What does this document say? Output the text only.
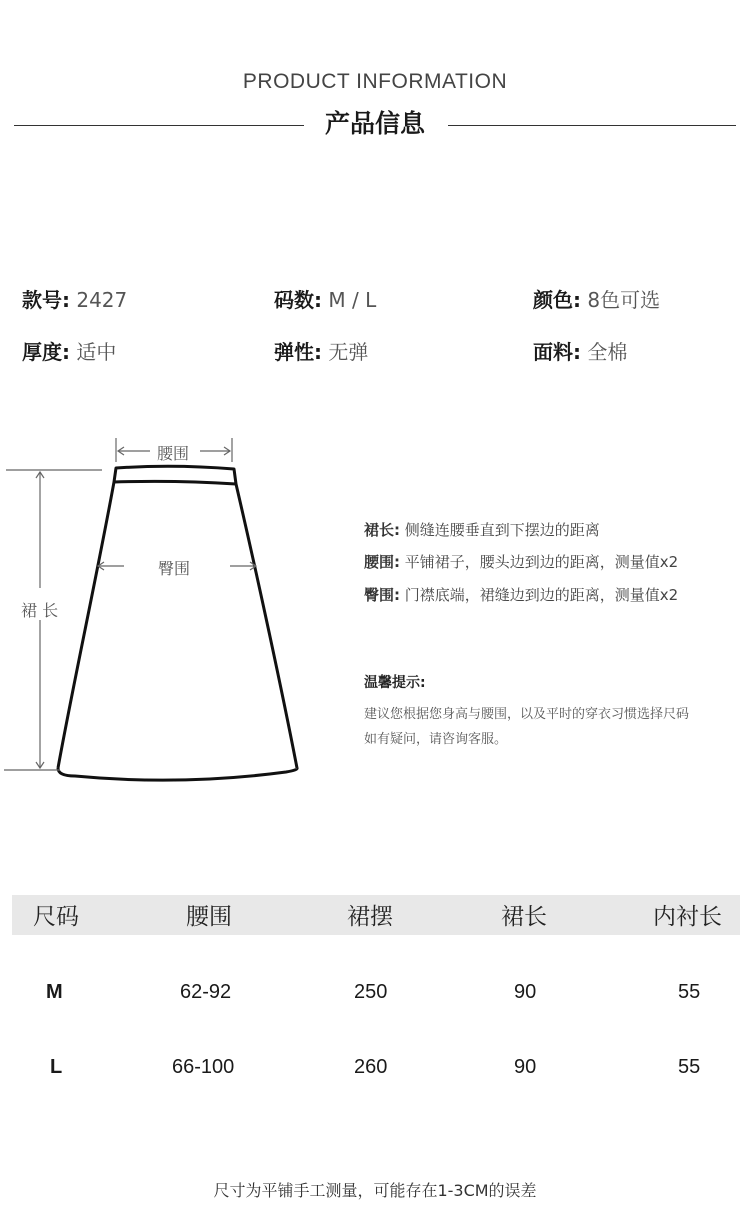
PRODUCT INFORMATION
产品信息
款号: 2427	码数: M / L	颜色: 8色可选
厚度: 适中	弹性: 无弹	面料: 全棉
腰围
臀围
裙 长
裙长: 侧缝连腰垂直到下摆边的距离
腰围: 平铺裙子，腰头边到边的距离，测量值x2
臀围: 门襟底端，裙缝边到边的距离，测量值x2
温馨提示:
建议您根据您身高与腰围，以及平时的穿衣习惯选择尺码
如有疑问，请咨询客服。
尺码	腰围	裙摆	裙长	内衬长
M	62-92	250	90	55
L	66-100	260	90	55
尺寸为平铺手工测量，可能存在1-3CM的误差
